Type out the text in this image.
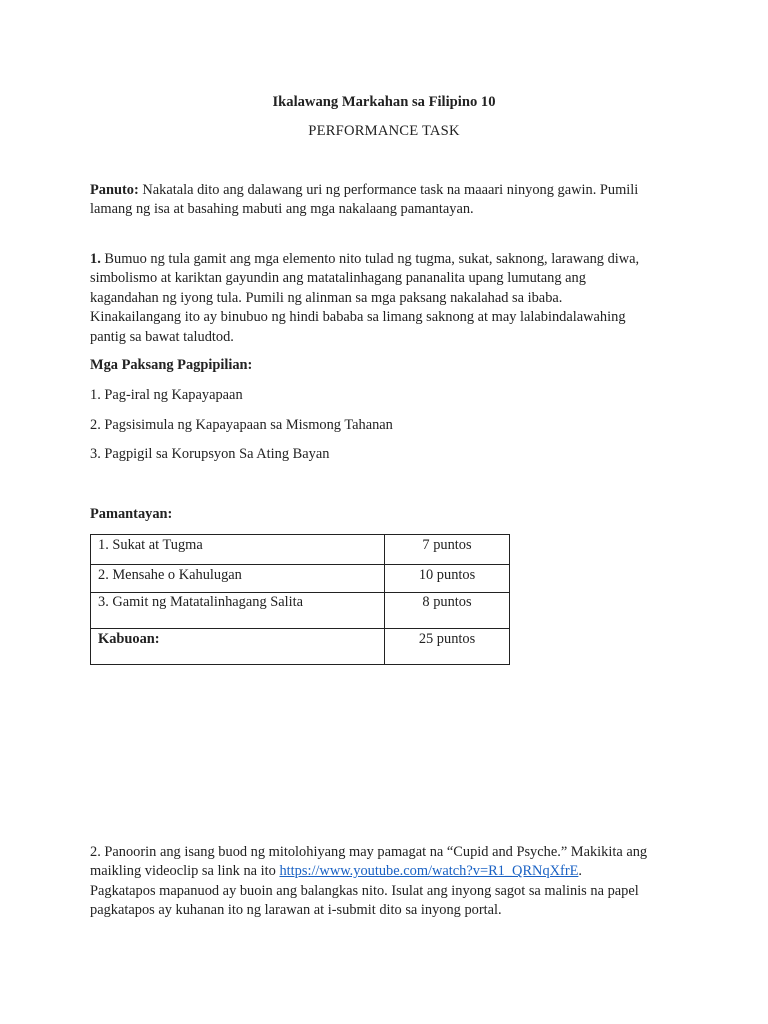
Ikalawang Markahan sa Filipino 10
PERFORMANCE TASK
Panuto: Nakatala dito ang dalawang uri ng performance task na maaari ninyong gawin. Pumili
lamang ng isa at basahing mabuti ang mga nakalaang pamantayan.
1. Bumuo ng tula gamit ang mga elemento nito tulad ng tugma, sukat, saknong, larawang diwa,
simbolismo at kariktan gayundin ang matatalinhagang pananalita upang lumutang ang
kagandahan ng iyong tula. Pumili ng alinman sa mga paksang nakalahad sa ibaba.
Kinakailangang ito ay binubuo ng hindi bababa sa limang saknong at may lalabindalawahing
pantig sa bawat taludtod.
Mga Paksang Pagpipilian:
1. Pag-iral ng Kapayapaan
2. Pagsisimula ng Kapayapaan sa Mismong Tahanan
3. Pagpigil sa Korupsyon Sa Ating Bayan
Pamantayan:
1. Sukat at Tugma	7 puntos

2. Mensahe o Kahulugan	10 puntos

3. Gamit ng Matatalinhagang Salita	8 puntos

Kabuoan:	25 puntos
2. Panoorin ang isang buod ng mitolohiyang may pamagat na “Cupid and Psyche.” Makikita ang
maikling videoclip sa link na ito https://www.youtube.com/watch?v=R1_QRNqXfrE.
Pagkatapos mapanuod ay buoin ang balangkas nito. Isulat ang inyong sagot sa malinis na papel
pagkatapos ay kuhanan ito ng larawan at i-submit dito sa inyong portal.
